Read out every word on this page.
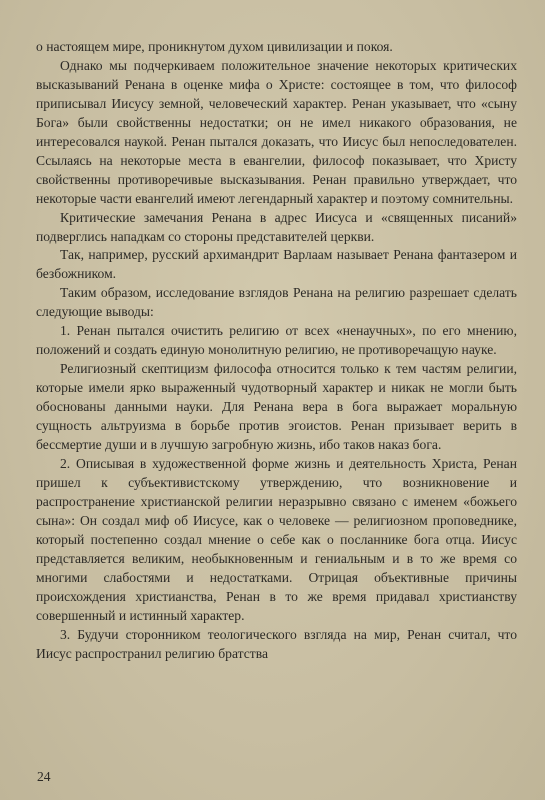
о настоящем мире, проникнутом духом цивилизации и покоя.

Однако мы подчеркиваем положительное значение некоторых критических высказываний Ренана в оценке мифа о Христе: состоящее в том, что философ приписывал Иисусу земной, человеческий характер. Ренан указывает, что «сыну Бога» были свойственны недостатки; он не имел никакого образования, не интересовался наукой. Ренан пытался доказать, что Иисус был непоследователен. Ссылаясь на некоторые места в евангелии, философ показывает, что Христу свойственны противоречивые высказывания. Ренан правильно утверждает, что некоторые части евангелий имеют легендарный характер и поэтому сомнительны.

Критические замечания Ренана в адрес Иисуса и «священных писаний» подверглись нападкам со стороны представителей церкви.

Так, например, русский архимандрит Варлаам называет Ренана фантазером и безбожником.

Таким образом, исследование взглядов Ренана на религию разрешает сделать следующие выводы:

1. Ренан пытался очистить религию от всех «ненаучных», по его мнению, положений и создать единую монолитную религию, не противоречащую науке.

Религиозный скептицизм философа относится только к тем частям религии, которые имели ярко выраженный чудотворный характер и никак не могли быть обоснованы данными науки. Для Ренана вера в бога выражает моральную сущность альтруизма в борьбе против эгоистов. Ренан призывает верить в бессмертие души и в лучшую загробную жизнь, ибо таков наказ бога.

2. Описывая в художественной форме жизнь и деятельность Христа, Ренан пришел к субъективистскому утверждению, что возникновение и распространение христианской религии неразрывно связано с именем «божьего сына»: Он создал миф об Иисусе, как о человеке — религиозном проповеднике, который постепенно создал мнение о себе как о посланнике бога отца. Иисус представляется великим, необыкновенным и гениальным и в то же время со многими слабостями и недостатками. Отрицая объективные причины происхождения христианства, Ренан в то же время придавал христианству совершенный и истинный характер.

3. Будучи сторонником теологического взгляда на мир, Ренан считал, что Иисус распространил религию братства

24
